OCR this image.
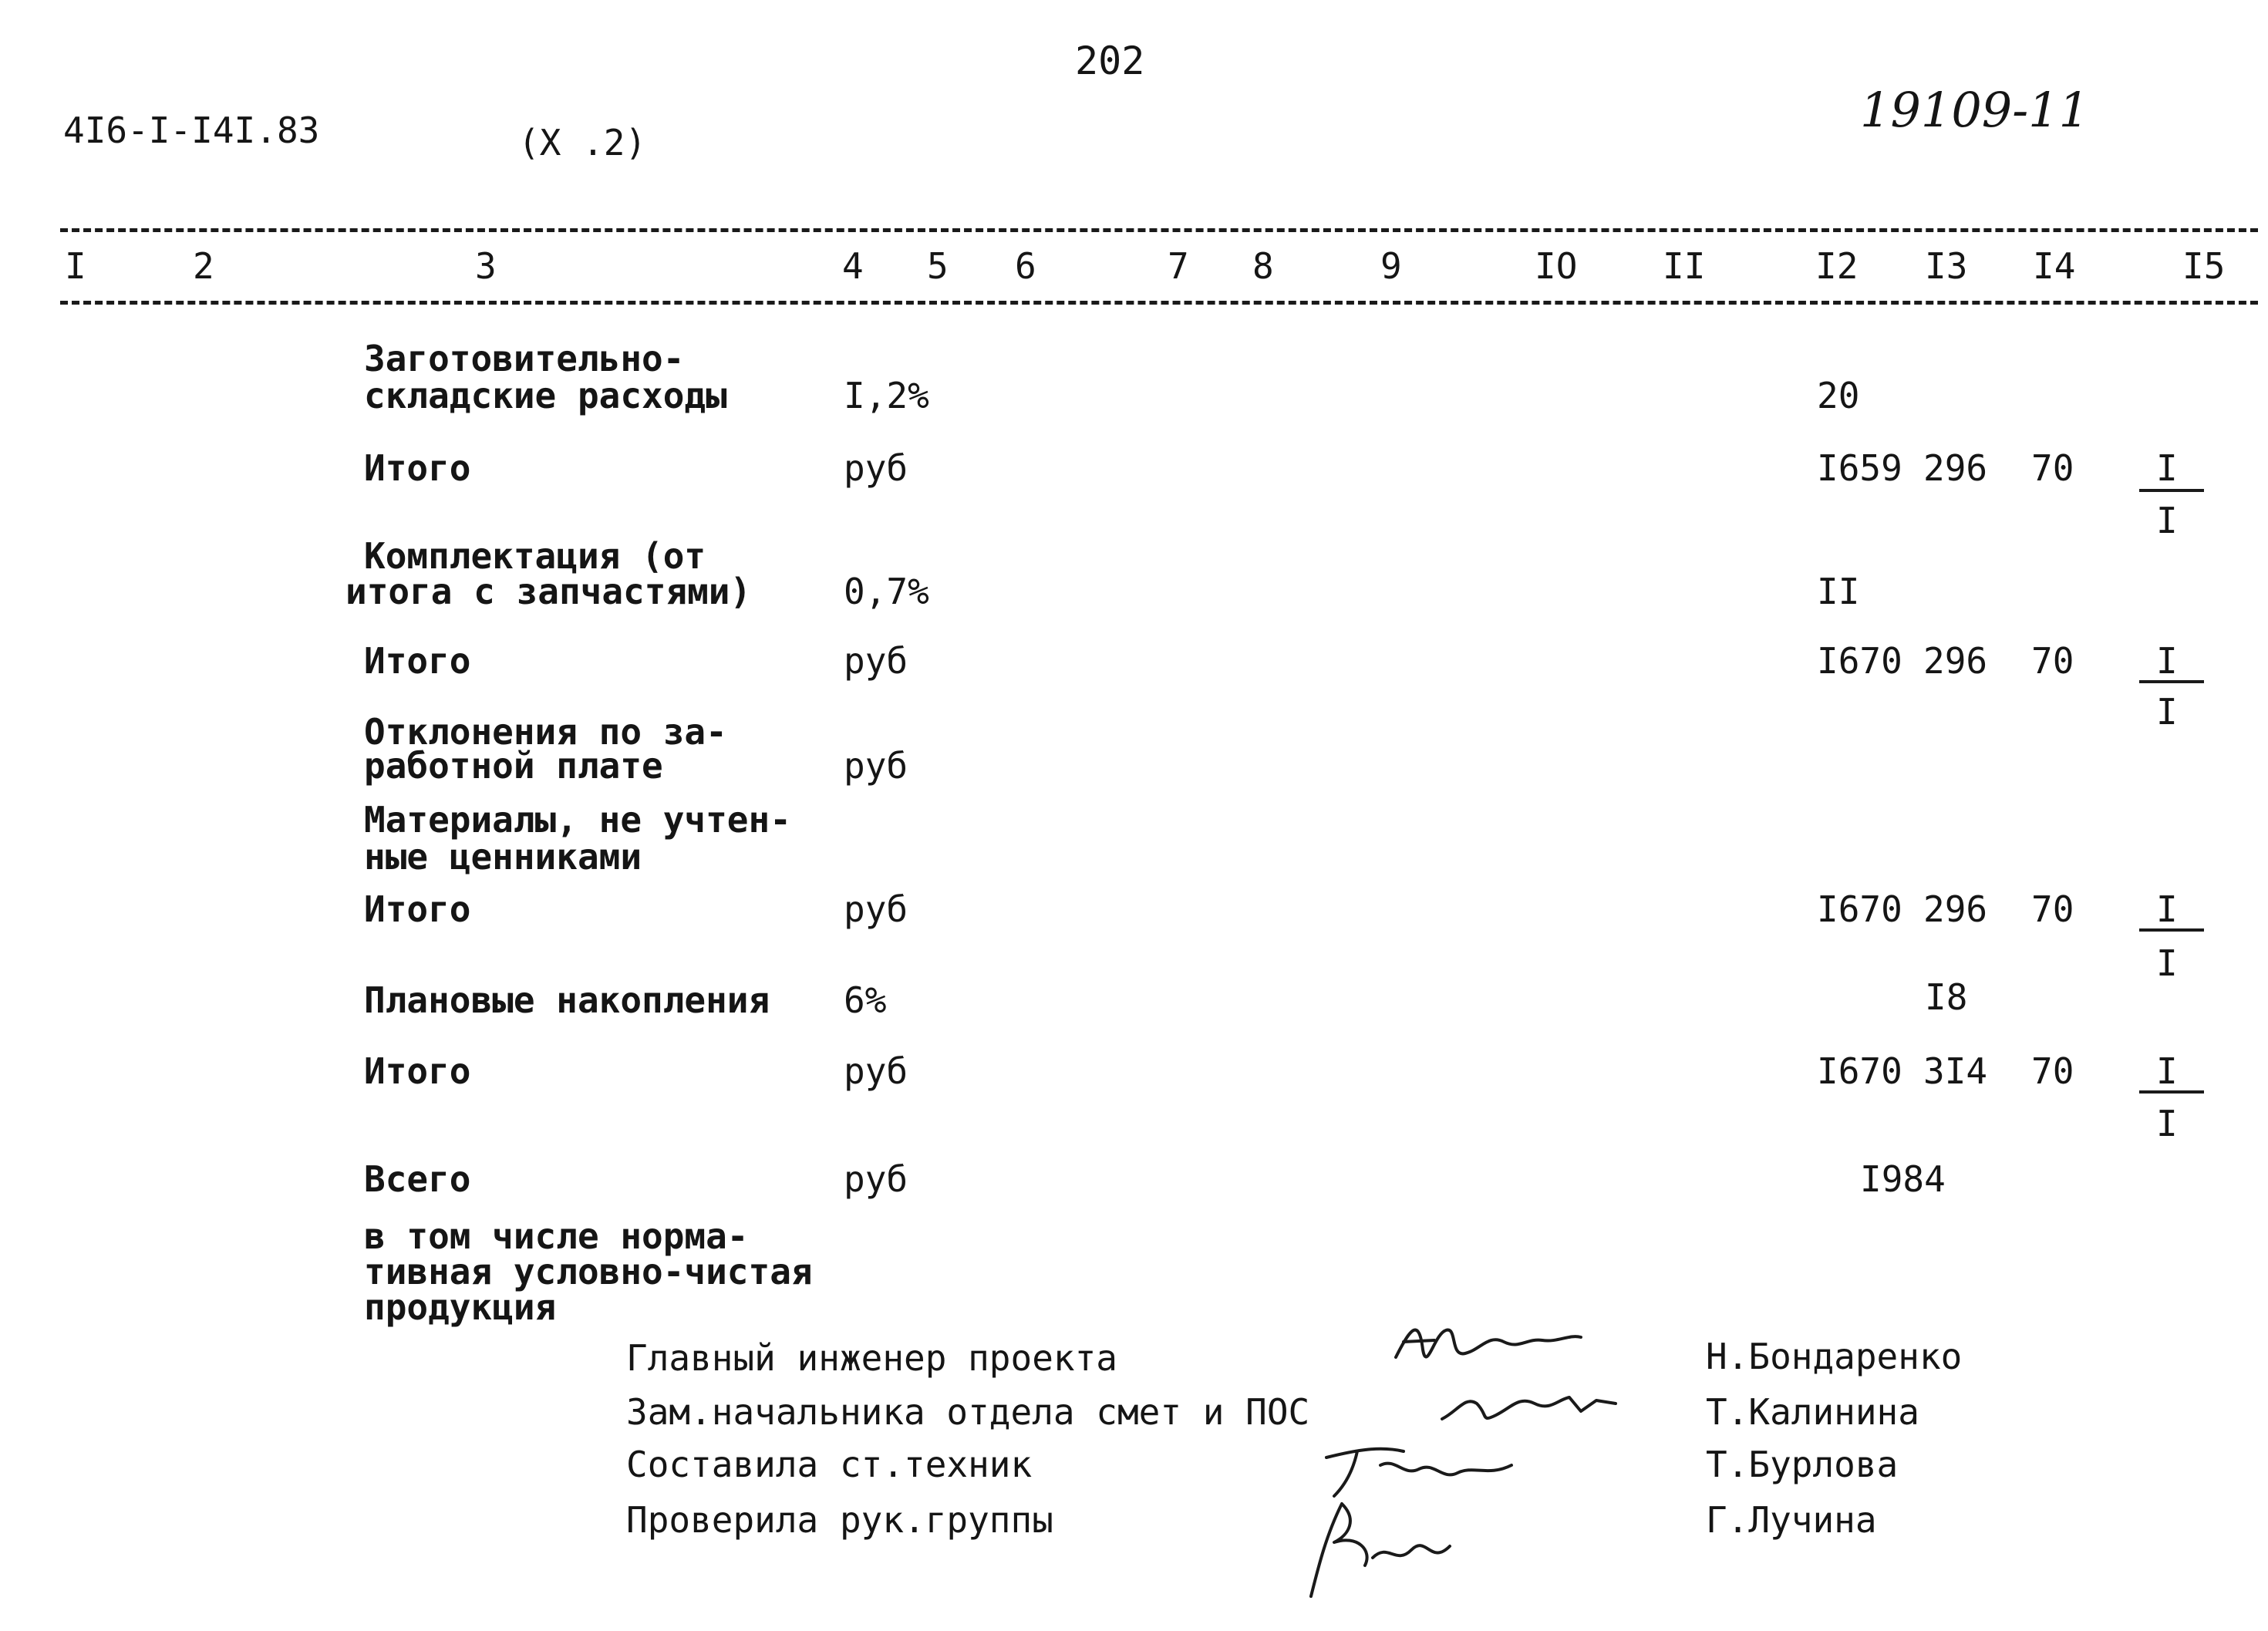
202
4I6-I-I4I.83	(X .2)
19109-11
I	2	3	4 5 6	7 8	9	IO II	I2 I3 I4	I5
Заготовительно-
складские расходы	I,2%	20
Итого	руб	I659 296 70 I
I
Комплектация (от
итога с запчастями)	0,7%	II
Итого	руб	I670 296 70 I
I
Отклонения по за-
работной плате	руб
Материалы, не учтен-
ные ценниками
Итого	руб	I670 296 70 I
I
Плановые накопления 6%	I8
Итого	руб	I670 3I4 70 I
I
Всего	руб	I984
в том числе норма-
тивная условно-чистая
продукция
Главный инженер проекта	Н.Бондаренко
Зам.начальника отдела смет и ПОС	Т.Калинина
Составила ст.техник	Т.Бурлова
Проверила рук.группы	Г.Лучина
